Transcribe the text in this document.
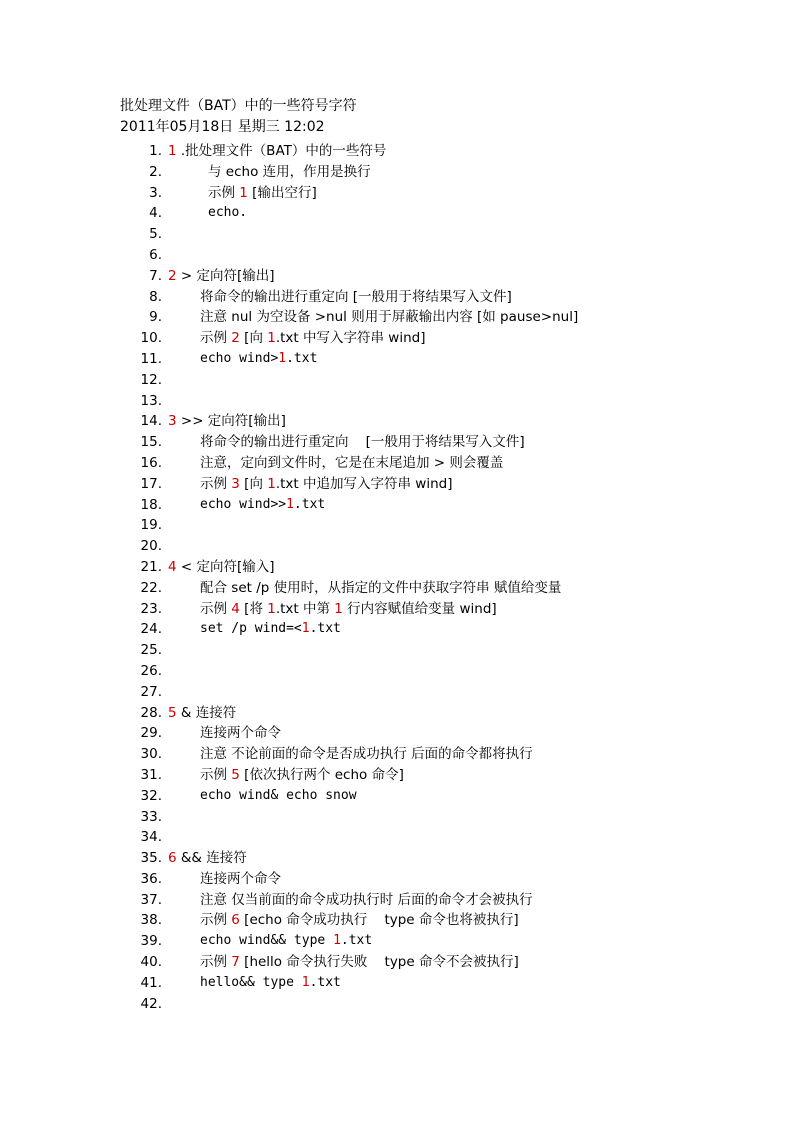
批处理文件（BAT）中的一些符号字符
2011年05月18日 星期三 12:02
1. 1 .批处理文件（BAT）中的一些符号
2.	与 echo 连用，作用是换行
3.	示例 1 [输出空行]
4.	echo.
5.
6.
7. 2 > 定向符[输出]
8.	将命令的输出进行重定向 [一般用于将结果写入文件]
9.	注意 nul 为空设备 >nul 则用于屏蔽输出内容 [如 pause>nul]
10.	示例 2 [向 1.txt 中写入字符串 wind]
11.	echo wind>1.txt
12.
13.
14. 3 >> 定向符[输出]
15.	将命令的输出进行重定向    [一般用于将结果写入文件]
16.	注意，定向到文件时，它是在末尾追加 > 则会覆盖
17.	示例 3 [向 1.txt 中追加写入字符串 wind]
18.	echo wind>>1.txt
19.
20.
21. 4 < 定向符[输入]
22.	配合 set /p 使用时，从指定的文件中获取字符串 赋值给变量
23.	示例 4 [将 1.txt 中第 1 行内容赋值给变量 wind]
24.	set /p wind=<1.txt
25.
26.
27.
28. 5 & 连接符
29.	连接两个命令
30.	注意 不论前面的命令是否成功执行 后面的命令都将执行
31.	示例 5 [依次执行两个 echo 命令]
32.	echo wind& echo snow
33.
34.
35. 6 && 连接符
36.	连接两个命令
37.	注意 仅当前面的命令成功执行时 后面的命令才会被执行
38.	示例 6 [echo 命令成功执行    type 命令也将被执行]
39.	echo wind&& type 1.txt
40.	示例 7 [hello 命令执行失败    type 命令不会被执行]
41.	hello&& type 1.txt
42.
